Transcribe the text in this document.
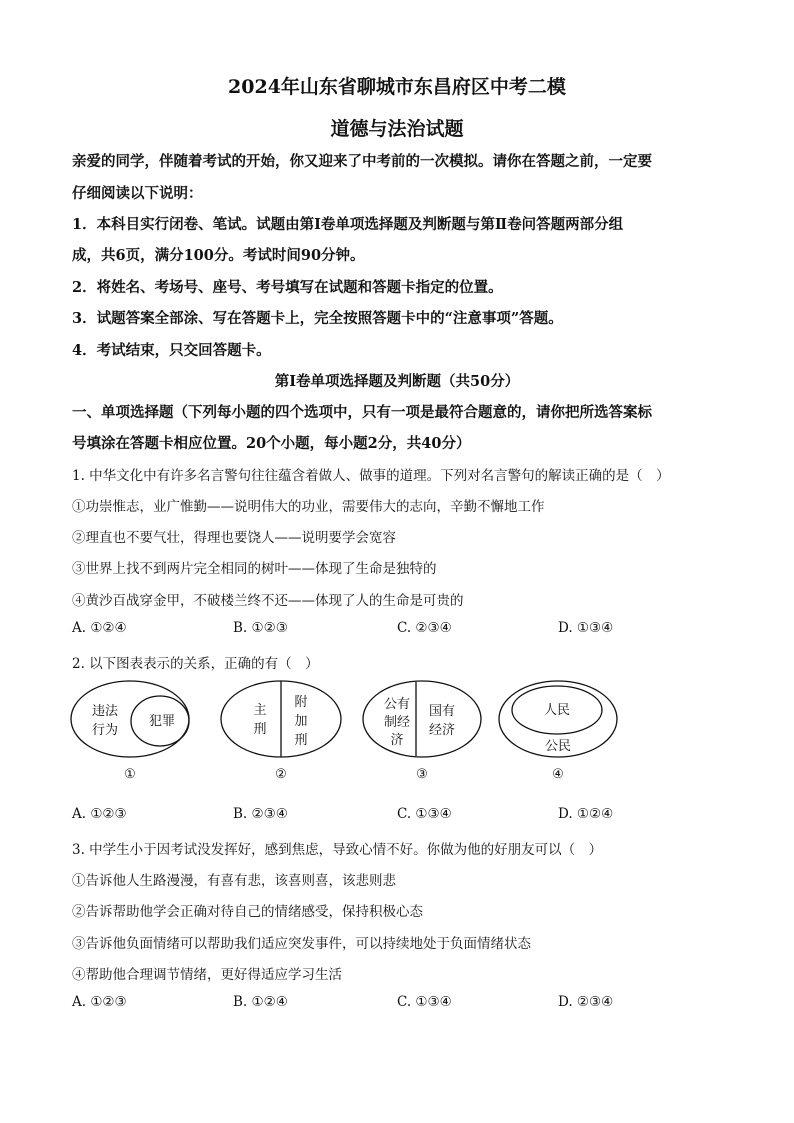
2024年山东省聊城市东昌府区中考二模
道德与法治试题
亲爱的同学，伴随着考试的开始，你又迎来了中考前的一次模拟。请你在答题之前，一定要
仔细阅读以下说明：
1．本科目实行闭卷、笔试。试题由第Ⅰ卷单项选择题及判断题与第Ⅱ卷问答题两部分组
成，共6页，满分100分。考试时间90分钟。
2．将姓名、考场号、座号、考号填写在试题和答题卡指定的位置。
3．试题答案全部涂、写在答题卡上，完全按照答题卡中的“注意事项”答题。
4．考试结束，只交回答题卡。
第Ⅰ卷单项选择题及判断题（共50分）
一、单项选择题（下列每小题的四个选项中，只有一项是最符合题意的，请你把所选答案标
号填涂在答题卡相应位置。20个小题，每小题2分，共40分）
1. 中华文化中有许多名言警句往往蕴含着做人、做事的道理。下列对名言警句的解读正确的是（　）
①功崇惟志，业广惟勤——说明伟大的功业，需要伟大的志向，辛勤不懈地工作
②理直也不要气壮，得理也要饶人——说明要学会宽容
③世界上找不到两片完全相同的树叶——体现了生命是独特的
④黄沙百战穿金甲，不破楼兰终不还——体现了人的生命是可贵的
A. ①②④	B. ①②③	C. ②③④	D. ①③④
2. 以下图表表示的关系，正确的有（　）
违法
行为
犯罪
①
主
刑
附
加
刑
②
公有
制经
济
国有
经济
③
人民
公民
④
A. ①②③	B. ②③④	C. ①③④	D. ①②④
3. 中学生小于因考试没发挥好，感到焦虑，导致心情不好。你做为他的好朋友可以（　）
①告诉他人生路漫漫，有喜有悲，该喜则喜，该悲则悲
②告诉帮助他学会正确对待自己的情绪感受，保持积极心态
③告诉他负面情绪可以帮助我们适应突发事件，可以持续地处于负面情绪状态
④帮助他合理调节情绪，更好得适应学习生活
A. ①②③	B. ①②④	C. ①③④	D. ②③④
